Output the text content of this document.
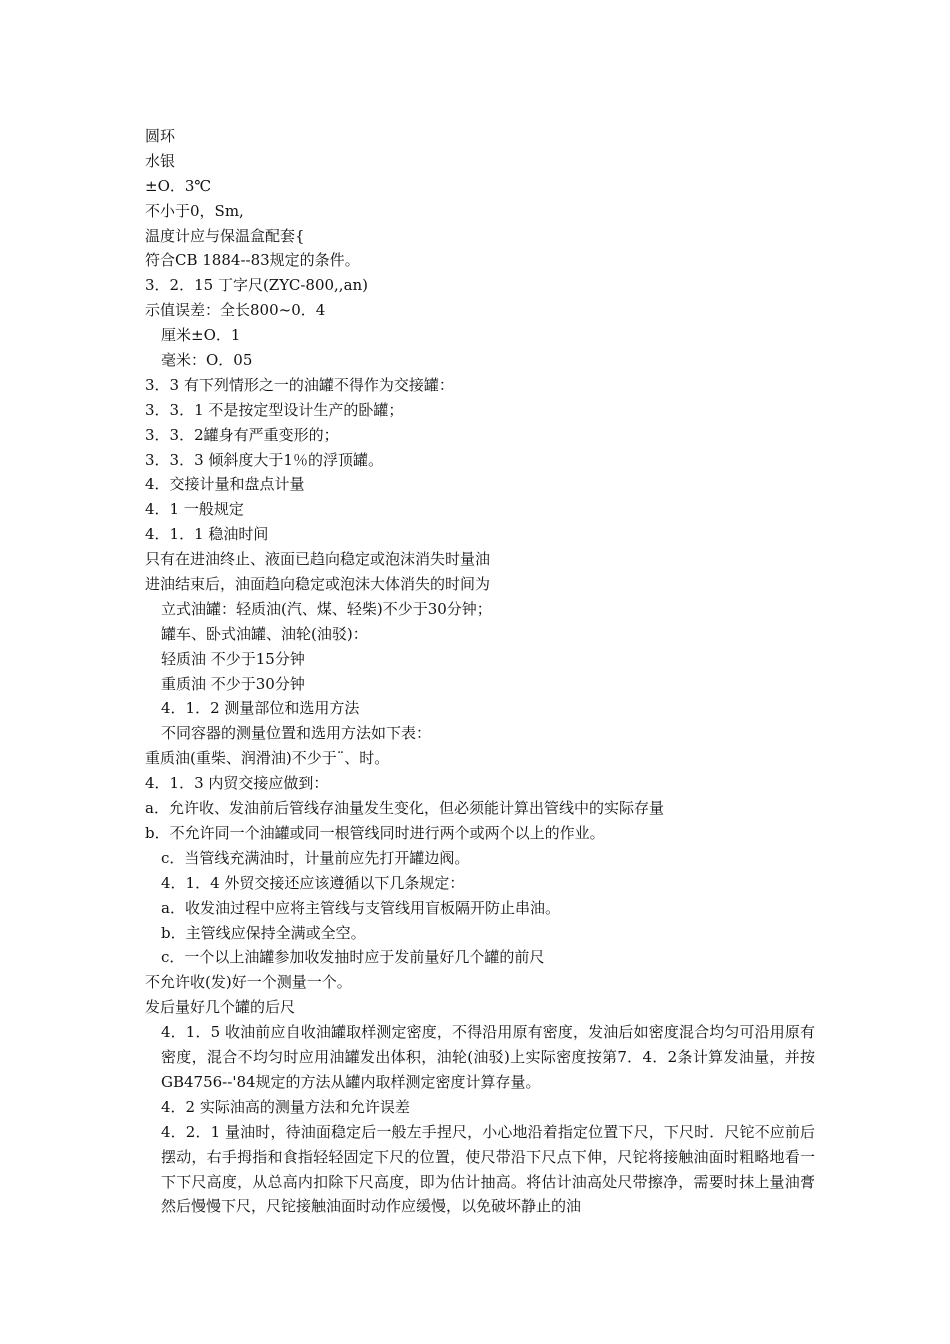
圆环
水银
±O．3℃
不小于0，Sm,
温度计应与保温盒配套{
符合CB 1884--83规定的条件。
3．2．15 丁字尺(ZYC-800,,an)
示值误差：全长800~0．4
厘米±O．1
毫米：O．05
3．3 有下列情形之一的油罐不得作为交接罐：
3．3．1 不是按定型设计生产的卧罐；
3．3．2罐身有严重变形的；
3．3．3 倾斜度大于1％的浮顶罐。
4．交接计量和盘点计量
4．1 一般规定
4．1．1 稳油时间
只有在进油终止、液面已趋向稳定或泡沫消失时量油
进油结束后，油面趋向稳定或泡沫大体消失的时间为
立式油罐：轻质油(汽、煤、轻柴)不少于30分钟；
罐车、卧式油罐、油轮(油驳)：
轻质油 不少于15分钟
重质油 不少于30分钟
4．1．2 测量部位和选用方法
不同容器的测量位置和选用方法如下表：
重质油(重柴、润滑油)不少于¨、时。
4．1．3 内贸交接应做到：
a．允许收、发油前后管线存油量发生变化，但必须能计算出管线中的实际存量
b．不允许同一个油罐或同一根管线同时进行两个或两个以上的作业。
c．当管线充满油时，计量前应先打开罐边阀。
4．1．4 外贸交接还应该遵循以下几条规定：
a．收发油过程中应将主管线与支管线用盲板隔开防止串油。
b．主管线应保持全满或全空。
c．一个以上油罐参加收发抽时应于发前量好几个罐的前尺
不允许收(发)好一个测量一个。
发后量好几个罐的后尺
4．1．5 收油前应自收油罐取样测定密度，不得沿用原有密度，发油后如密度混合均匀可沿用原有密度，混合不均匀时应用油罐发出体积，油轮(油驳)上实际密度按第7．4．2条计算发油量，并按GB4756--'84规定的方法从罐内取样测定密度计算存量。
4．2 实际油高的测量方法和允许误差
4．2．1 量油时，待油面稳定后一般左手捏尺，小心地沿着指定位置下尺，下尺时．尺铊不应前后摆动，右手拇指和食指轻轻固定下尺的位置，使尺带沿下尺点下伸，尺铊将接触油面时粗略地看一下下尺高度，从总高内扣除下尺高度，即为估计抽高。将估计油高处尺带擦净，需要时抹上量油膏然后慢慢下尺，尺铊接触油面时动作应缓慢，以免破坏静止的油
